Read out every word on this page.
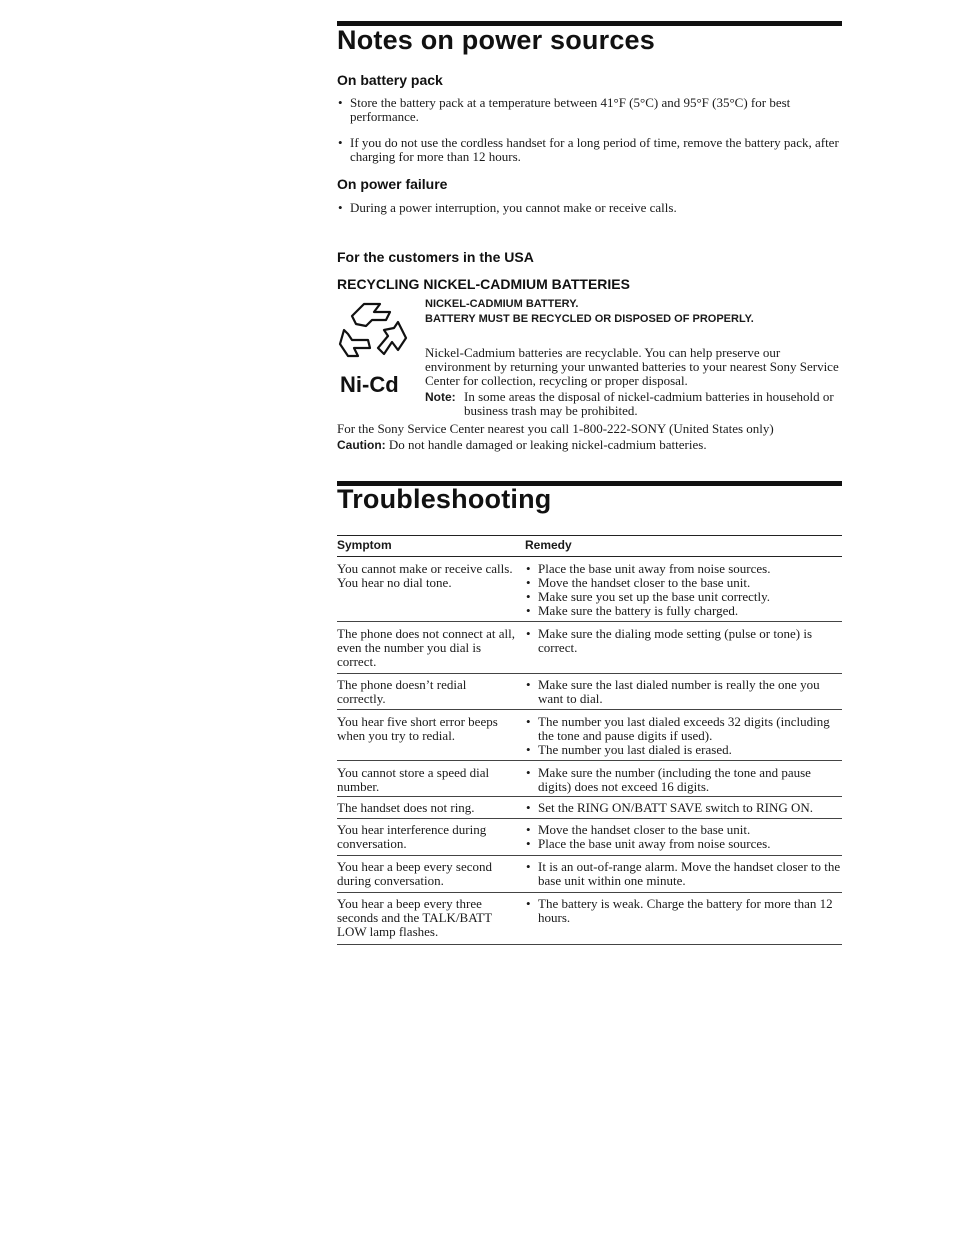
Notes on power sources
On battery pack
• Store the battery pack at a temperature between 41°F (5°C) and 95°F (35°C) for best performance.
• If you do not use the cordless handset for a long period of time, remove the battery pack, after charging for more than 12 hours.
On power failure
• During a power interruption, you cannot make or receive calls.
For the customers in the USA
RECYCLING NICKEL-CADMIUM BATTERIES
Ni-Cd
NICKEL-CADMIUM BATTERY.
BATTERY MUST BE RECYCLED OR DISPOSED OF PROPERLY.
Nickel-Cadmium batteries are recyclable. You can help preserve our environment by returning your unwanted batteries to your nearest Sony Service Center for collection, recycling or proper disposal.
Note: In some areas the disposal of nickel-cadmium batteries in household or business trash may be prohibited.
For the Sony Service Center nearest you call 1-800-222-SONY (United States only)
Caution: Do not handle damaged or leaking nickel-cadmium batteries.
Troubleshooting
Symptom	Remedy
You cannot make or receive calls.
You hear no dial tone.
• Place the base unit away from noise sources.
• Move the handset closer to the base unit.
• Make sure you set up the base unit correctly.
• Make sure the battery is fully charged.
The phone does not connect at all, even the number you dial is correct.
• Make sure the dialing mode setting (pulse or tone) is correct.
The phone doesn’t redial correctly.
• Make sure the last dialed number is really the one you want to dial.
You hear five short error beeps when you try to redial.
• The number you last dialed exceeds 32 digits (including the tone and pause digits if used).
• The number you last dialed is erased.
You cannot store a speed dial number.
• Make sure the number (including the tone and pause digits) does not exceed 16 digits.
The handset does not ring.	• Set the RING ON/BATT SAVE switch to RING ON.
You hear interference during conversation.
• Move the handset closer to the base unit.
• Place the base unit away from noise sources.
You hear a beep every second during conversation.
• It is an out-of-range alarm. Move the handset closer to the base unit within one minute.
You hear a beep every three seconds and the TALK/BATT LOW lamp flashes.
• The battery is weak. Charge the battery for more than 12 hours.
